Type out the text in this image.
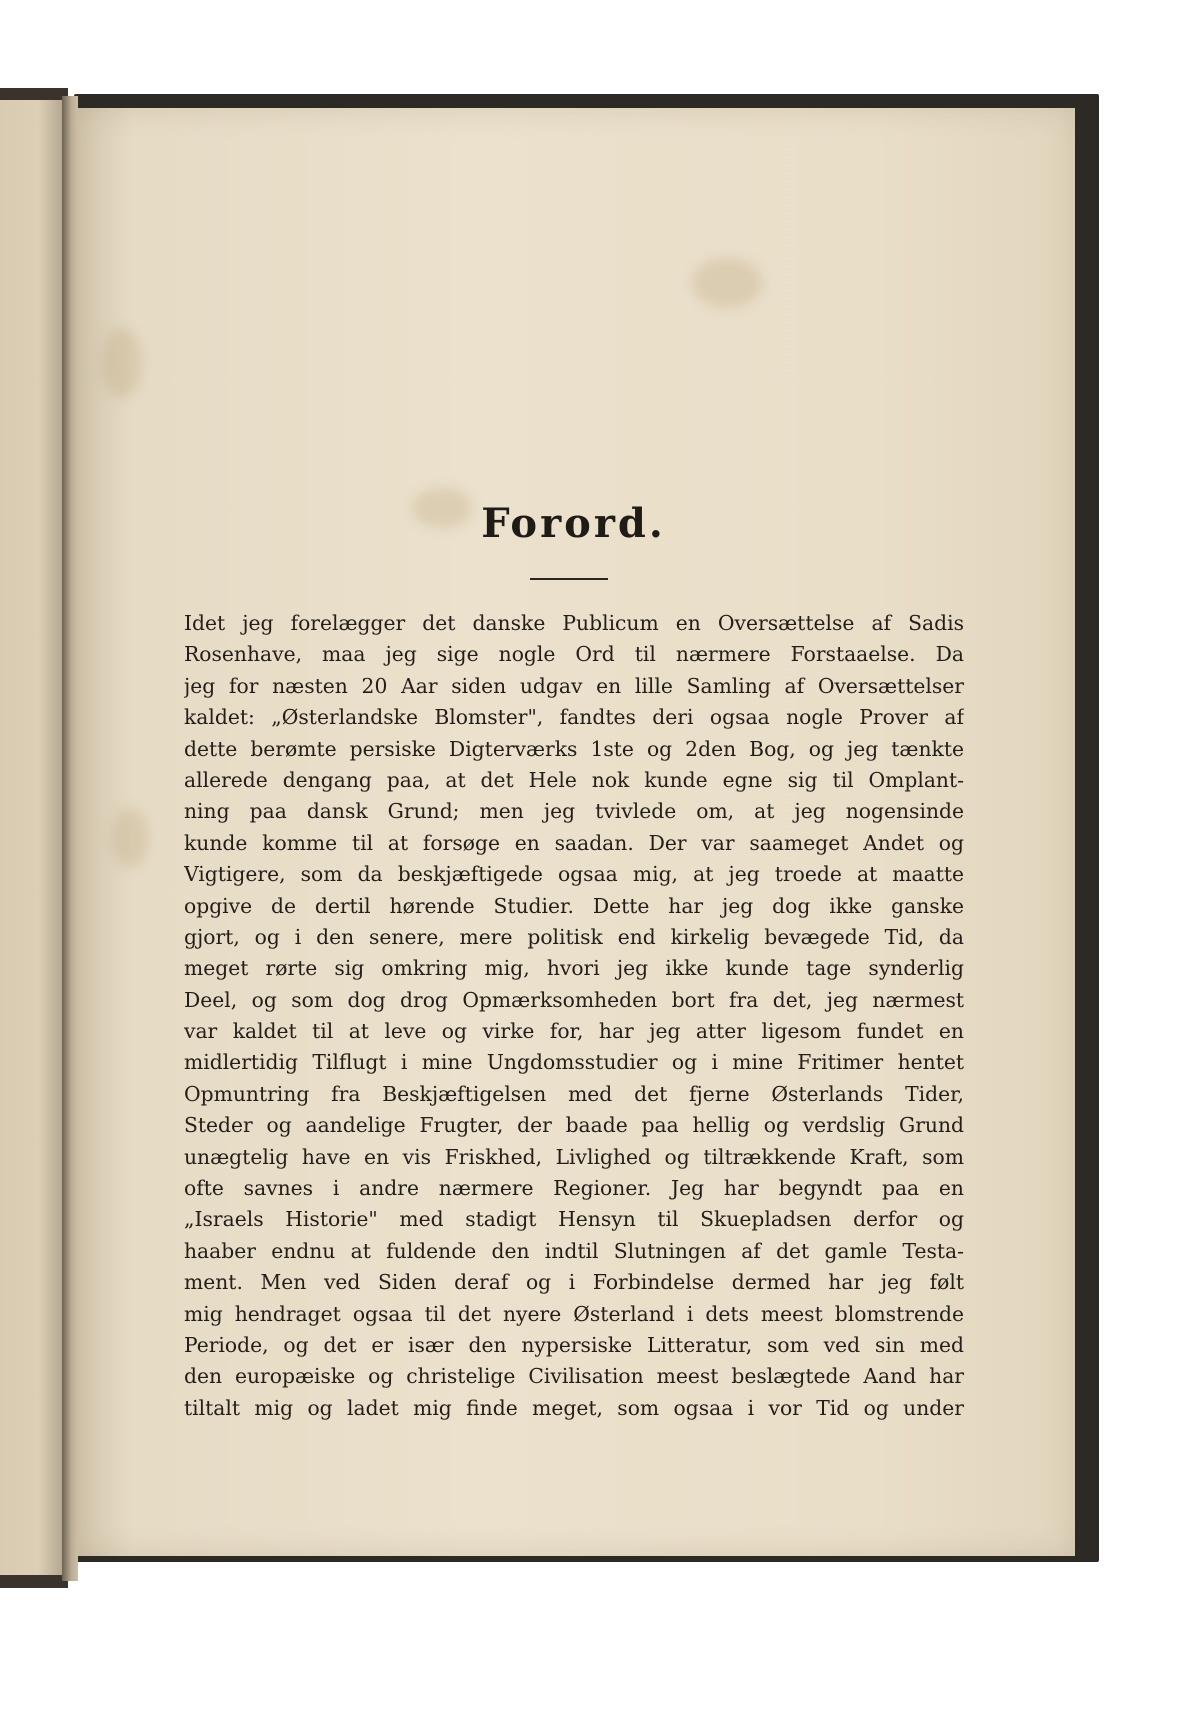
Forord.
Idet jeg forelægger det danske Publicum en Oversættelse af Sadis
Rosenhave, maa jeg sige nogle Ord til nærmere Forstaaelse. Da
jeg for næsten 20 Aar siden udgav en lille Samling af Oversættelser
kaldet: „Østerlandske Blomster", fandtes deri ogsaa nogle Prover af
dette berømte persiske Digterværks 1ste og 2den Bog, og jeg tænkte
allerede dengang paa, at det Hele nok kunde egne sig til Omplant-
ning paa dansk Grund; men jeg tvivlede om, at jeg nogensinde
kunde komme til at forsøge en saadan. Der var saameget Andet og
Vigtigere, som da beskjæftigede ogsaa mig, at jeg troede at maatte
opgive de dertil hørende Studier. Dette har jeg dog ikke ganske
gjort, og i den senere, mere politisk end kirkelig bevægede Tid, da
meget rørte sig omkring mig, hvori jeg ikke kunde tage synderlig
Deel, og som dog drog Opmærksomheden bort fra det, jeg nærmest
var kaldet til at leve og virke for, har jeg atter ligesom fundet en
midlertidig Tilflugt i mine Ungdomsstudier og i mine Fritimer hentet
Opmuntring fra Beskjæftigelsen med det fjerne Østerlands Tider,
Steder og aandelige Frugter, der baade paa hellig og verdslig Grund
unægtelig have en vis Friskhed, Livlighed og tiltrækkende Kraft, som
ofte savnes i andre nærmere Regioner. Jeg har begyndt paa en
„Israels Historie" med stadigt Hensyn til Skuepladsen derfor og
haaber endnu at fuldende den indtil Slutningen af det gamle Testa-
ment. Men ved Siden deraf og i Forbindelse dermed har jeg følt
mig hendraget ogsaa til det nyere Østerland i dets meest blomstrende
Periode, og det er især den nypersiske Litteratur, som ved sin med
den europæiske og christelige Civilisation meest beslægtede Aand har
tiltalt mig og ladet mig finde meget, som ogsaa i vor Tid og under
